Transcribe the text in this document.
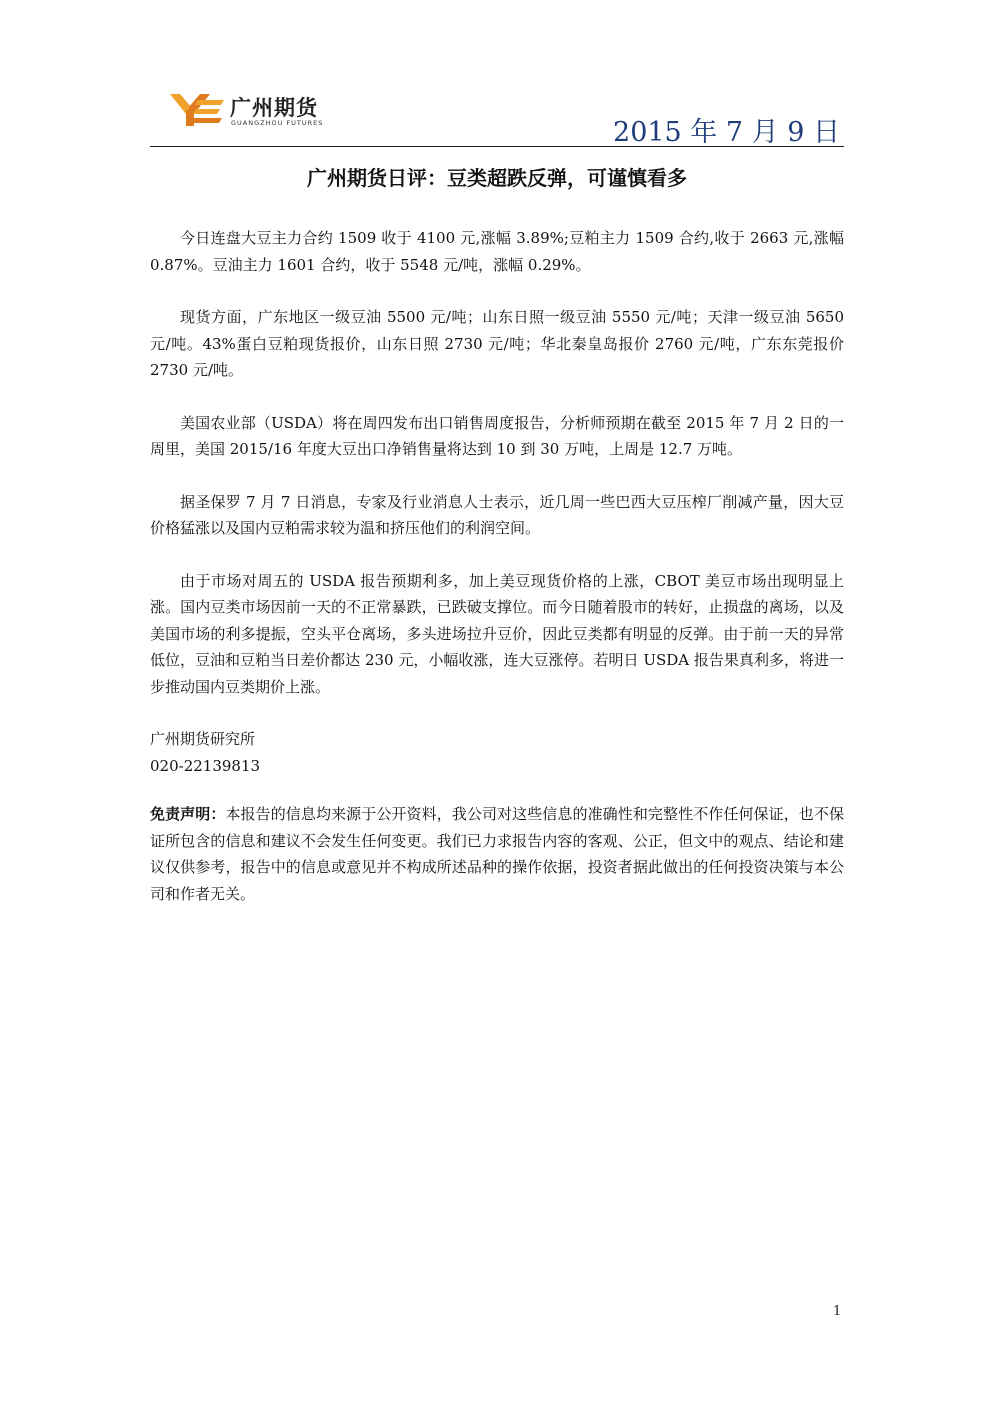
广州期货
GUANGZHOU FUTURES	2015 年 7 月 9 日
广州期货日评：豆类超跌反弹，可谨慎看多

今日连盘大豆主力合约 1509 收于 4100 元,涨幅 3.89%;豆粕主力 1509 合约,收于 2663 元,涨幅 0.87%。豆油主力 1601 合约，收于 5548 元/吨，涨幅 0.29%。

现货方面，广东地区一级豆油 5500 元/吨；山东日照一级豆油 5550 元/吨；天津一级豆油 5650 元/吨。43%蛋白豆粕现货报价，山东日照 2730 元/吨；华北秦皇岛报价 2760 元/吨，广东东莞报价 2730 元/吨。

美国农业部（USDA）将在周四发布出口销售周度报告，分析师预期在截至 2015 年 7 月 2 日的一周里，美国 2015/16 年度大豆出口净销售量将达到 10 到 30 万吨，上周是 12.7 万吨。

据圣保罗 7 月 7 日消息，专家及行业消息人士表示，近几周一些巴西大豆压榨厂削减产量，因大豆价格猛涨以及国内豆粕需求较为温和挤压他们的利润空间。

由于市场对周五的 USDA 报告预期利多，加上美豆现货价格的上涨，CBOT 美豆市场出现明显上涨。国内豆类市场因前一天的不正常暴跌，已跌破支撑位。而今日随着股市的转好，止损盘的离场，以及美国市场的利多提振，空头平仓离场，多头进场拉升豆价，因此豆类都有明显的反弹。由于前一天的异常低位，豆油和豆粕当日差价都达 230 元，小幅收涨，连大豆涨停。若明日 USDA 报告果真利多，将进一步推动国内豆类期价上涨。

广州期货研究所
020-22139813
免责声明：本报告的信息均来源于公开资料，我公司对这些信息的准确性和完整性不作任何保证，也不保证所包含的信息和建议不会发生任何变更。我们已力求报告内容的客观、公正，但文中的观点、结论和建议仅供参考，报告中的信息或意见并不构成所述品种的操作依据，投资者据此做出的任何投资决策与本公司和作者无关。
1
